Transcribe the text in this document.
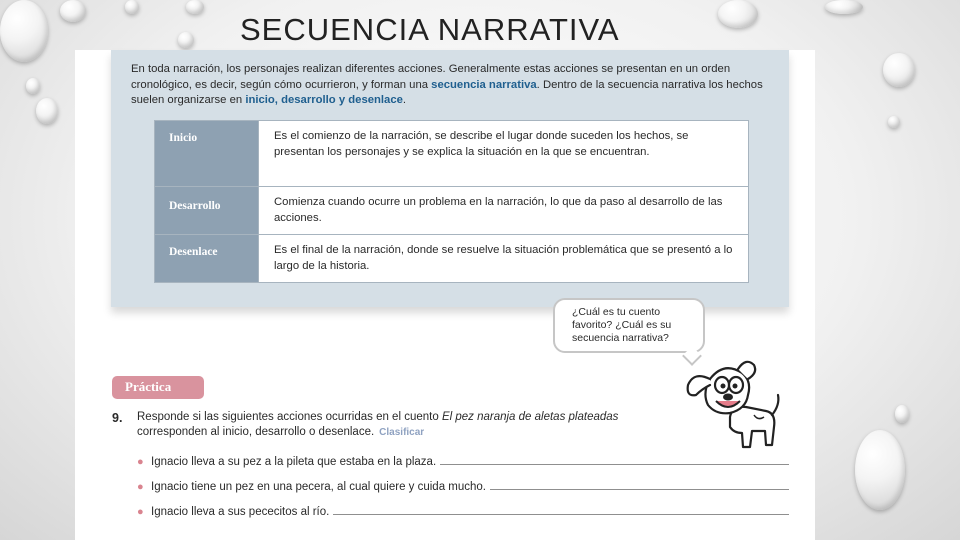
SECUENCIA NARRATIVA

En toda narración, los personajes realizan diferentes acciones. Generalmente estas acciones se presentan en un orden cronológico, es decir, según cómo ocurrieron, y forman una secuencia narrativa. Dentro de la secuencia narrativa los hechos suelen organizarse en inicio, desarrollo y desenlace.

Inicio	Es el comienzo de la narración, se describe el lugar donde suceden los hechos, se presentan los personajes y se explica la situación en la que se encuentran.
Desarrollo	Comienza cuando ocurre un problema en la narración, lo que da paso al desarrollo de las acciones.
Desenlace	Es el final de la narración, donde se resuelve la situación problemática que se presentó a lo largo de la historia.
¿Cuál es tu cuento favorito? ¿Cuál es su secuencia narrativa?
Práctica
9. Responde si las siguientes acciones ocurridas en el cuento El pez naranja de aletas plateadas corresponden al inicio, desarrollo o desenlace. Clasificar

● Ignacio lleva a su pez a la pileta que estaba en la plaza.
● Ignacio tiene un pez en una pecera, al cual quiere y cuida mucho.
● Ignacio lleva a sus pececitos al río.
